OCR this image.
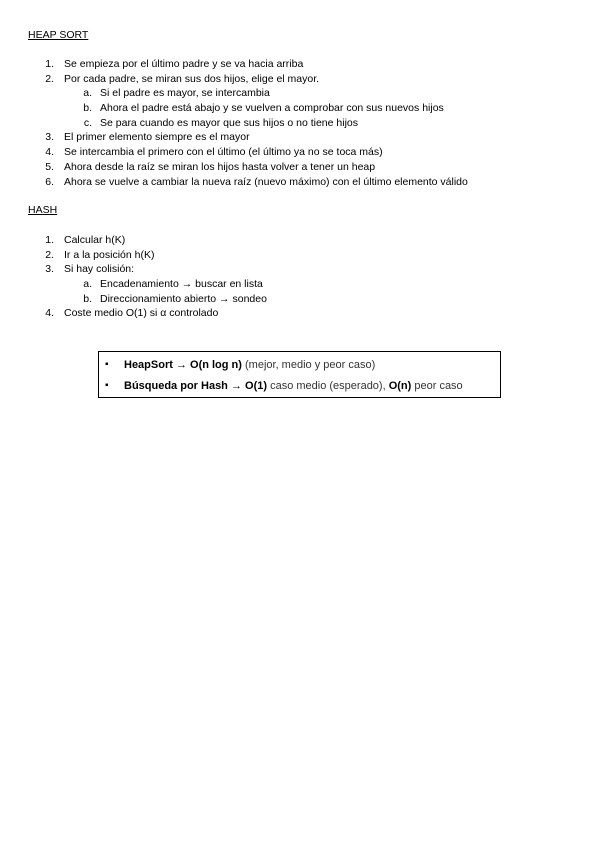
HEAP SORT
1. Se empieza por el último padre y se va hacia arriba
2. Por cada padre, se miran sus dos hijos, elige el mayor.
a. Si el padre es mayor, se intercambia
b. Ahora el padre está abajo y se vuelven a comprobar con sus nuevos hijos
c. Se para cuando es mayor que sus hijos o no tiene hijos
3. El primer elemento siempre es el mayor
4. Se intercambia el primero con el último (el último ya no se toca más)
5. Ahora desde la raíz se miran los hijos hasta volver a tener un heap
6. Ahora se vuelve a cambiar la nueva raíz (nuevo máximo) con el último elemento válido
HASH
1. Calcular h(K)
2. Ir a la posición h(K)
3. Si hay colisión:
a. Encadenamiento → buscar en lista
b. Direccionamiento abierto → sondeo
4. Coste medio O(1) si α controlado
▪ HeapSort → O(n log n) (mejor, medio y peor caso)
▪ Búsqueda por Hash → O(1) caso medio (esperado), O(n) peor caso
